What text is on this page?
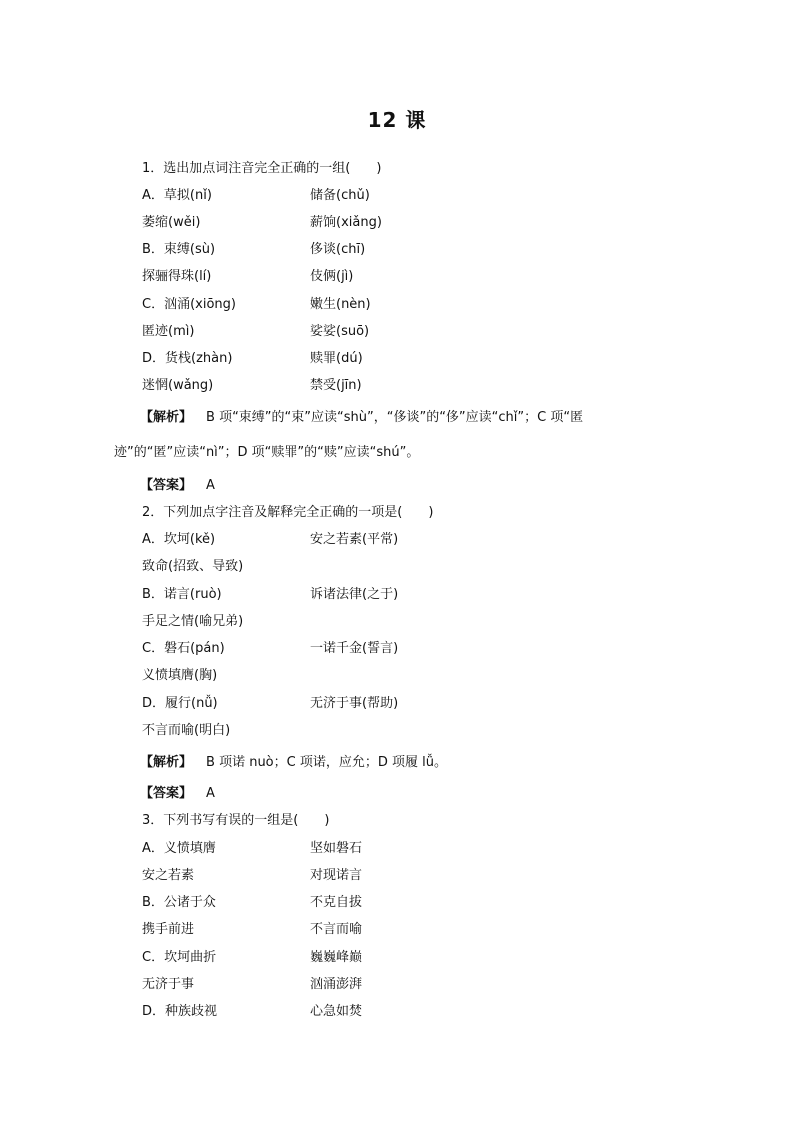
12 课
1．选出加点词注音完全正确的一组(　　)
A．草拟(nǐ)	储备(chǔ)
萎缩(wěi)	薪饷(xiǎng)
B．束缚(sù)	侈谈(chī)
探骊得珠(lí)	伎俩(jì)
C．汹涌(xiōng)	嫩生(nèn)
匿迹(mì)	娑娑(suō)
D．货栈(zhàn)	赎罪(dú)
迷惘(wǎng)	禁受(jīn)
【解析】 B 项“束缚”的“束”应读“shù”，“侈谈”的“侈”应读“chǐ”；C 项“匿
迹”的“匿”应读“nì”；D 项“赎罪”的“赎”应读“shú”。
【答案】 A
2．下列加点字注音及解释完全正确的一项是(　　)
A．坎坷(kě)	安之若素(平常)
致命(招致、导致)
B．诺言(ruò)	诉诸法律(之于)
手足之情(喻兄弟)
C．磐石(pán)	一诺千金(誓言)
义愤填膺(胸)
D．履行(nǚ)	无济于事(帮助)
不言而喻(明白)
【解析】 B 项诺 nuò；C 项诺，应允；D 项履 lǚ。
【答案】 A
3．下列书写有误的一组是(　　)
A．义愤填膺	坚如磐石
安之若素	对现诺言
B．公诸于众	不克自拔
携手前进	不言而喻
C．坎坷曲折	巍巍峰巅
无济于事	汹涌澎湃
D．种族歧视	心急如焚
